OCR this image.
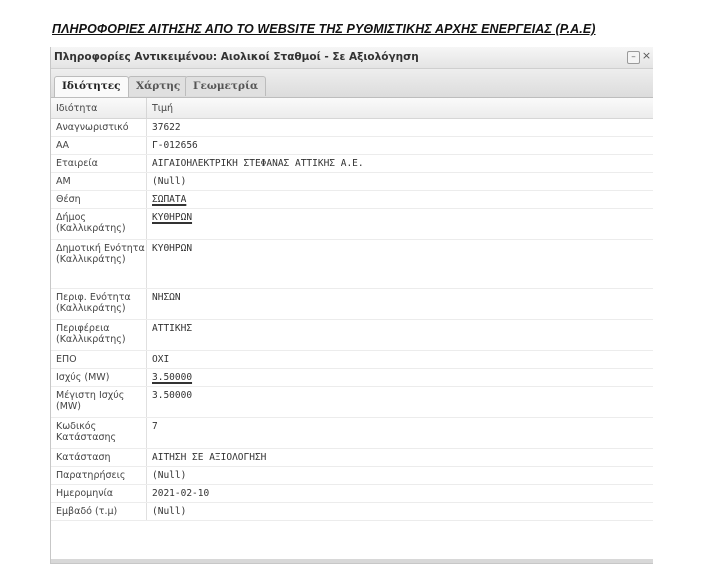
ΠΛΗΡΟΦΟΡΙΕΣ ΑΙΤΗΣΗΣ ΑΠΟ ΤΟ WEBSITE ΤΗΣ ΡΥΘΜΙΣΤΙΚΗΣ ΑΡΧΗΣ ΕΝΕΡΓΕΙΑΣ (Ρ.Α.Ε)
Πληροφορίες Αντικειμένου: Αιολικοί Σταθμοί - Σε Αξιολόγηση	– ×
Ιδιότητες	Χάρτης	Γεωμετρία
Ιδιότητα	Τιμή
Αναγνωριστικό	37622
ΑΑ	Γ-012656
Εταιρεία	ΑΙΓΑΙΟΗΛΕΚΤΡΙΚΗ ΣΤΕΦΑΝΑΣ ΑΤΤΙΚΗΣ Α.Ε.
ΑΜ	(Null)
Θέση	ΣΩΠΑΤΑ
Δήμος (Καλλικράτης)	ΚΥΘΗΡΩΝ
Δημοτική Ενότητα (Καλλικράτης)	ΚΥΘΗΡΩΝ
Περιφ. Ενότητα (Καλλικράτης)	ΝΗΣΩΝ
Περιφέρεια (Καλλικράτης)	ΑΤΤΙΚΗΣ
ΕΠΟ	ΟΧΙ
Ισχύς (MW)	3.50000
Μέγιστη Ισχύς (MW)	3.50000
Κωδικός Κατάστασης	7
Κατάσταση	ΑΙΤΗΣΗ ΣΕ ΑΞΙΟΛΟΓΗΣΗ
Παρατηρήσεις	(Null)
Ημερομηνία	2021-02-10
Εμβαδό (τ.μ)	(Null)
